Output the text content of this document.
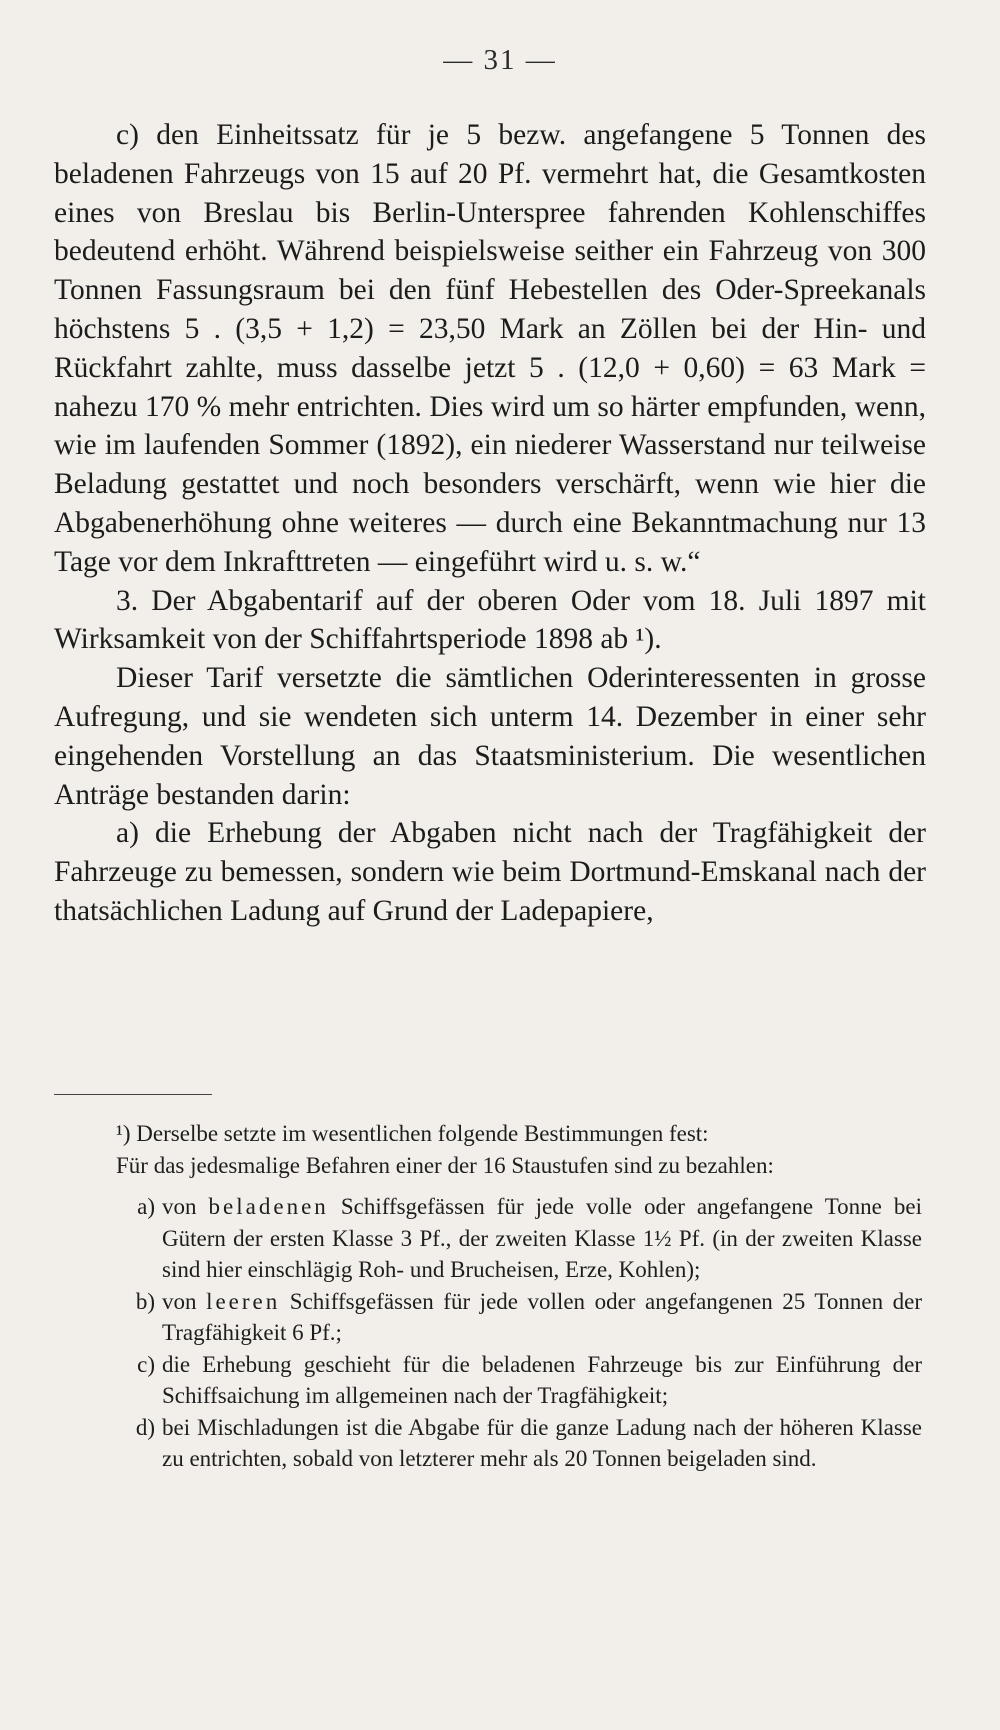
— 31 —

c) den Einheitssatz für je 5 bezw. angefangene 5 Tonnen des beladenen Fahrzeugs von 15 auf 20 Pf. vermehrt hat, die Gesamtkosten eines von Breslau bis Berlin-Unterspree fahrenden Kohlenschiffes bedeutend erhöht. Während beispielsweise seither ein Fahrzeug von 300 Tonnen Fassungsraum bei den fünf Hebestellen des Oder-Spreekanals höchstens 5 . (3,5 + 1,2) = 23,50 Mark an Zöllen bei der Hin- und Rückfahrt zahlte, muss dasselbe jetzt 5 . (12,0 + 0,60) = 63 Mark = nahezu 170 % mehr entrichten. Dies wird um so härter empfunden, wenn, wie im laufenden Sommer (1892), ein niederer Wasserstand nur teilweise Beladung gestattet und noch besonders verschärft, wenn wie hier die Abgabenerhöhung ohne weiteres — durch eine Bekanntmachung nur 13 Tage vor dem Inkrafttreten — eingeführt wird u. s. w.“

3. Der Abgabentarif auf der oberen Oder vom 18. Juli 1897 mit Wirksamkeit von der Schiffahrtsperiode 1898 ab ¹).

Dieser Tarif versetzte die sämtlichen Oderinteressenten in grosse Aufregung, und sie wendeten sich unterm 14. Dezember in einer sehr eingehenden Vorstellung an das Staatsministerium. Die wesentlichen Anträge bestanden darin:

a) die Erhebung der Abgaben nicht nach der Tragfähigkeit der Fahrzeuge zu bemessen, sondern wie beim Dortmund-Emskanal nach der thatsächlichen Ladung auf Grund der Ladepapiere,

¹) Derselbe setzte im wesentlichen folgende Bestimmungen fest:

Für das jedesmalige Befahren einer der 16 Staustufen sind zu bezahlen:

a) von beladenen Schiffsgefässen für jede volle oder angefangene Tonne bei Gütern der ersten Klasse 3 Pf., der zweiten Klasse 1½ Pf. (in der zweiten Klasse sind hier einschlägig Roh- und Brucheisen, Erze, Kohlen);
b) von leeren Schiffsgefässen für jede vollen oder angefangenen 25 Tonnen der Tragfähigkeit 6 Pf.;
c) die Erhebung geschieht für die beladenen Fahrzeuge bis zur Einführung der Schiffsaichung im allgemeinen nach der Tragfähigkeit;
d) bei Mischladungen ist die Abgabe für die ganze Ladung nach der höheren Klasse zu entrichten, sobald von letzterer mehr als 20 Tonnen beigeladen sind.
